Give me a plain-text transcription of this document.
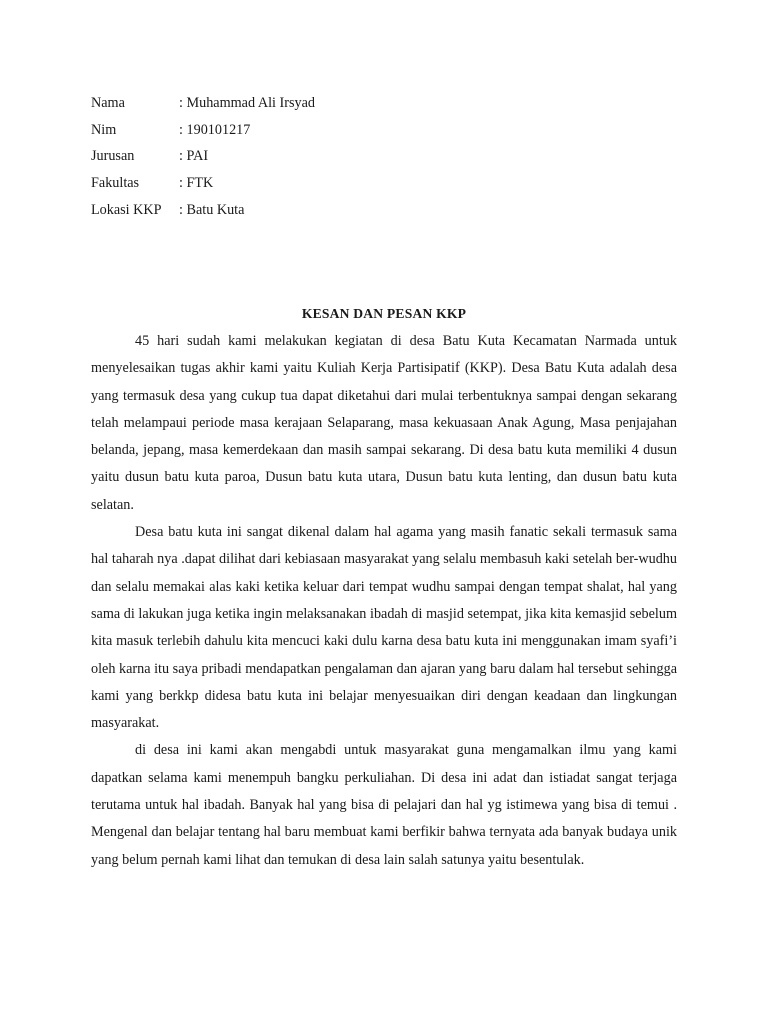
Nama	: Muhammad Ali Irsyad
Nim	: 190101217
Jurusan	: PAI
Fakultas	: FTK
Lokasi KKP : Batu Kuta
KESAN DAN PESAN KKP

45 hari sudah kami melakukan kegiatan di desa Batu Kuta Kecamatan Narmada untuk menyelesaikan tugas akhir kami yaitu Kuliah Kerja Partisipatif (KKP). Desa Batu Kuta adalah desa yang termasuk desa yang cukup tua dapat diketahui dari mulai terbentuknya sampai dengan sekarang telah melampaui periode masa kerajaan Selaparang, masa kekuasaan Anak Agung, Masa penjajahan belanda, jepang, masa kemerdekaan dan masih sampai sekarang. Di desa batu kuta memiliki 4 dusun yaitu dusun batu kuta paroa, Dusun batu kuta utara, Dusun batu kuta lenting, dan dusun batu kuta selatan.

Desa batu kuta ini sangat dikenal dalam hal agama yang masih fanatic sekali termasuk sama hal taharah nya .dapat dilihat dari kebiasaan masyarakat yang selalu membasuh kaki setelah ber-wudhu dan selalu memakai alas kaki ketika keluar dari tempat wudhu sampai dengan tempat shalat, hal yang sama di lakukan juga ketika ingin melaksanakan ibadah di masjid setempat, jika kita kemasjid sebelum kita masuk terlebih dahulu kita mencuci kaki dulu karna desa batu kuta ini menggunakan imam syafi’i oleh karna itu saya pribadi mendapatkan pengalaman dan ajaran yang baru dalam hal tersebut sehingga kami yang berkkp didesa batu kuta ini belajar menyesuaikan diri dengan keadaan dan lingkungan masyarakat.

di desa ini kami akan mengabdi untuk masyarakat guna mengamalkan ilmu yang kami dapatkan selama kami menempuh bangku perkuliahan. Di desa ini adat dan istiadat sangat terjaga terutama untuk hal ibadah. Banyak hal yang bisa di pelajari dan hal yg istimewa yang bisa di temui . Mengenal dan belajar tentang hal baru membuat kami berfikir bahwa ternyata ada banyak budaya unik yang belum pernah kami lihat dan temukan di desa lain salah satunya yaitu besentulak.
